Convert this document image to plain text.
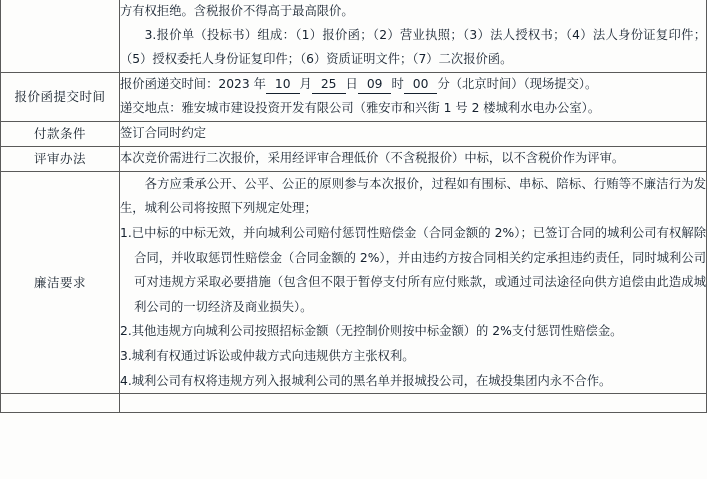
	方有权拒绝。含税报价不得高于最高限价。

3.报价单（投标书）组成：（1）报价函；（2）营业执照；（3）法人授权书；（4）法人身份证复印件；（5）授权委托人身份证复印件；（6）资质证明文件；（7）二次报价函。

报价函提交时间	报价函递交时间：2023 年 10 月 25 日 09 时 00 分（北京时间）（现场提交）。

递交地点：雅安城市建设投资开发有限公司（雅安市和兴街 1 号 2 楼城利水电办公室）。

付款条件	签订合同时约定
评审办法	本次竞价需进行二次报价，采用经评审合理低价（不含税报价）中标，以不含税价作为评审。
廉洁要求	各方应秉承公开、公平、公正的原则参与本次报价，过程如有围标、串标、陪标、行贿等不廉洁行为发生，城利公司将按照下列规定处理；

1.已中标的中标无效，并向城利公司赔付惩罚性赔偿金（合同金额的 2%）；已签订合同的城利公司有权解除合同，并收取惩罚性赔偿金（合同金额的 2%），并由违约方按合同相关约定承担违约责任，同时城利公司可对违规方采取必要措施（包含但不限于暂停支付所有应付账款，或通过司法途径向供方追偿由此造成城利公司的一切经济及商业损失）。

2.其他违规方向城利公司按照招标金额（无控制价则按中标金额）的 2%支付惩罚性赔偿金。

3.城利有权通过诉讼或仲裁方式向违规供方主张权利。

4.城利公司有权将违规方列入报城利公司的黑名单并报城投公司，在城投集团内永不合作。
